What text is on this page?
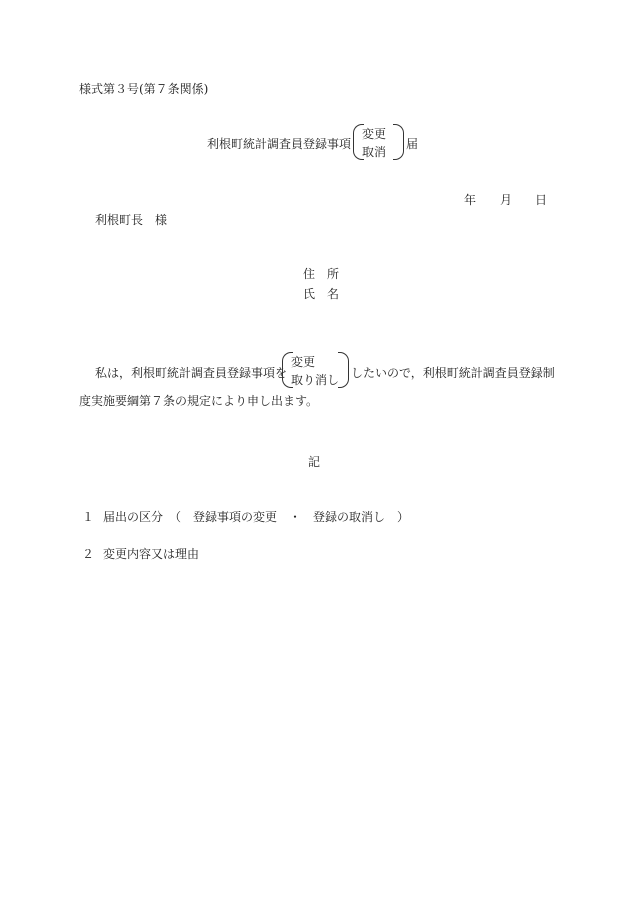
様式第３号(第７条関係)
利根町統計調査員登録事項
変更
取消
届
年 月 日
利根町長　様
住　所
氏　名
私は，利根町統計調査員登録事項を
変更
取り消し したいので，利根町統計調査員登録制
度実施要綱第７条の規定により申し出ます。
記
１ 届出の区分　（　登録事項の変更　・　登録の取消し　）
２ 変更内容又は理由
